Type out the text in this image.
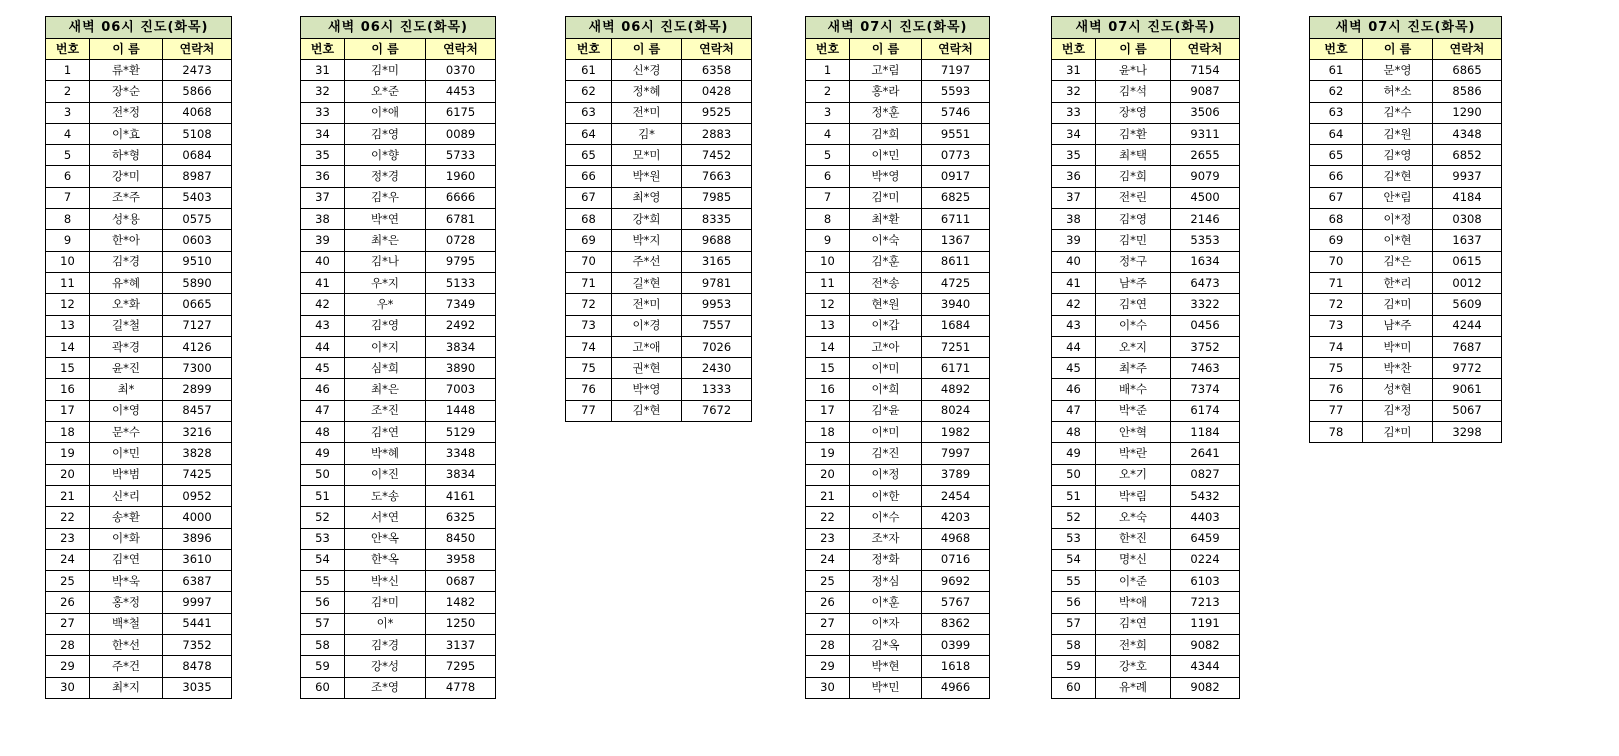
새벽 06시 진도(화목)		
번호	이 름	연락처
1	류*환	2473
2	장*순	5866
3	전*정	4068
4	이*효	5108
5	하*형	0684
6	강*미	8987
7	조*주	5403
8	성*용	0575
9	한*아	0603
10	김*경	9510
11	유*혜	5890
12	오*화	0665
13	길*철	7127
14	곽*경	4126
15	윤*진	7300
16	최*	2899
17	이*영	8457
18	문*수	3216
19	이*민	3828
20	박*범	7425
21	신*리	0952
22	송*환	4000
23	이*화	3896
24	김*연	3610
25	박*욱	6387
26	홍*정	9997
27	백*철	5441
28	한*선	7352
29	주*건	8478
30	최*지	3035
새벽 06시 진도(화목)		
번호	이 름	연락처
31	김*미	0370
32	오*준	4453
33	이*애	6175
34	김*영	0089
35	이*향	5733
36	정*경	1960
37	김*우	6666
38	박*연	6781
39	최*은	0728
40	김*나	9795
41	우*지	5133
42	우*	7349
43	김*영	2492
44	이*지	3834
45	심*희	3890
46	최*은	7003
47	조*진	1448
48	김*연	5129
49	박*혜	3348
50	이*진	3834
51	도*송	4161
52	서*연	6325
53	안*옥	8450
54	한*옥	3958
55	박*신	0687
56	김*미	1482
57	이*	1250
58	김*경	3137
59	강*성	7295
60	조*영	4778
새벽 06시 진도(화목)		
번호	이 름	연락처
61	신*경	6358
62	정*혜	0428
63	전*미	9525
64	김*	2883
65	모*미	7452
66	박*원	7663
67	최*영	7985
68	강*희	8335
69	박*지	9688
70	주*선	3165
71	길*현	9781
72	전*미	9953
73	이*경	7557
74	고*애	7026
75	권*현	2430
76	박*영	1333
77	김*현	7672
새벽 07시 진도(화목)		
번호	이 름	연락처
1	고*림	7197
2	홍*라	5593
3	정*훈	5746
4	김*희	9551
5	이*민	0773
6	박*영	0917
7	김*미	6825
8	최*환	6711
9	이*숙	1367
10	김*훈	8611
11	전*송	4725
12	현*원	3940
13	이*갑	1684
14	고*아	7251
15	이*미	6171
16	이*희	4892
17	김*윤	8024
18	이*미	1982
19	김*진	7997
20	이*정	3789
21	이*한	2454
22	이*수	4203
23	조*자	4968
24	정*화	0716
25	정*심	9692
26	이*훈	5767
27	이*자	8362
28	김*옥	0399
29	박*현	1618
30	박*민	4966
새벽 07시 진도(화목)		
번호	이 름	연락처
31	윤*나	7154
32	김*석	9087
33	장*영	3506
34	김*환	9311
35	최*택	2655
36	김*희	9079
37	전*린	4500
38	김*영	2146
39	김*민	5353
40	정*구	1634
41	남*주	6473
42	김*연	3322
43	이*수	0456
44	오*지	3752
45	최*주	7463
46	배*수	7374
47	박*준	6174
48	안*혁	1184
49	박*란	2641
50	오*기	0827
51	박*림	5432
52	오*숙	4403
53	한*진	6459
54	명*신	0224
55	이*준	6103
56	박*애	7213
57	김*연	1191
58	전*희	9082
59	강*호	4344
60	유*례	9082
새벽 07시 진도(화목)		
번호	이 름	연락처
61	문*영	6865
62	허*소	8586
63	김*수	1290
64	김*원	4348
65	김*영	6852
66	김*현	9937
67	안*림	4184
68	이*정	0308
69	이*현	1637
70	김*은	0615
71	한*리	0012
72	김*미	5609
73	남*주	4244
74	박*미	7687
75	박*찬	9772
76	성*현	9061
77	김*정	5067
78	김*미	3298
